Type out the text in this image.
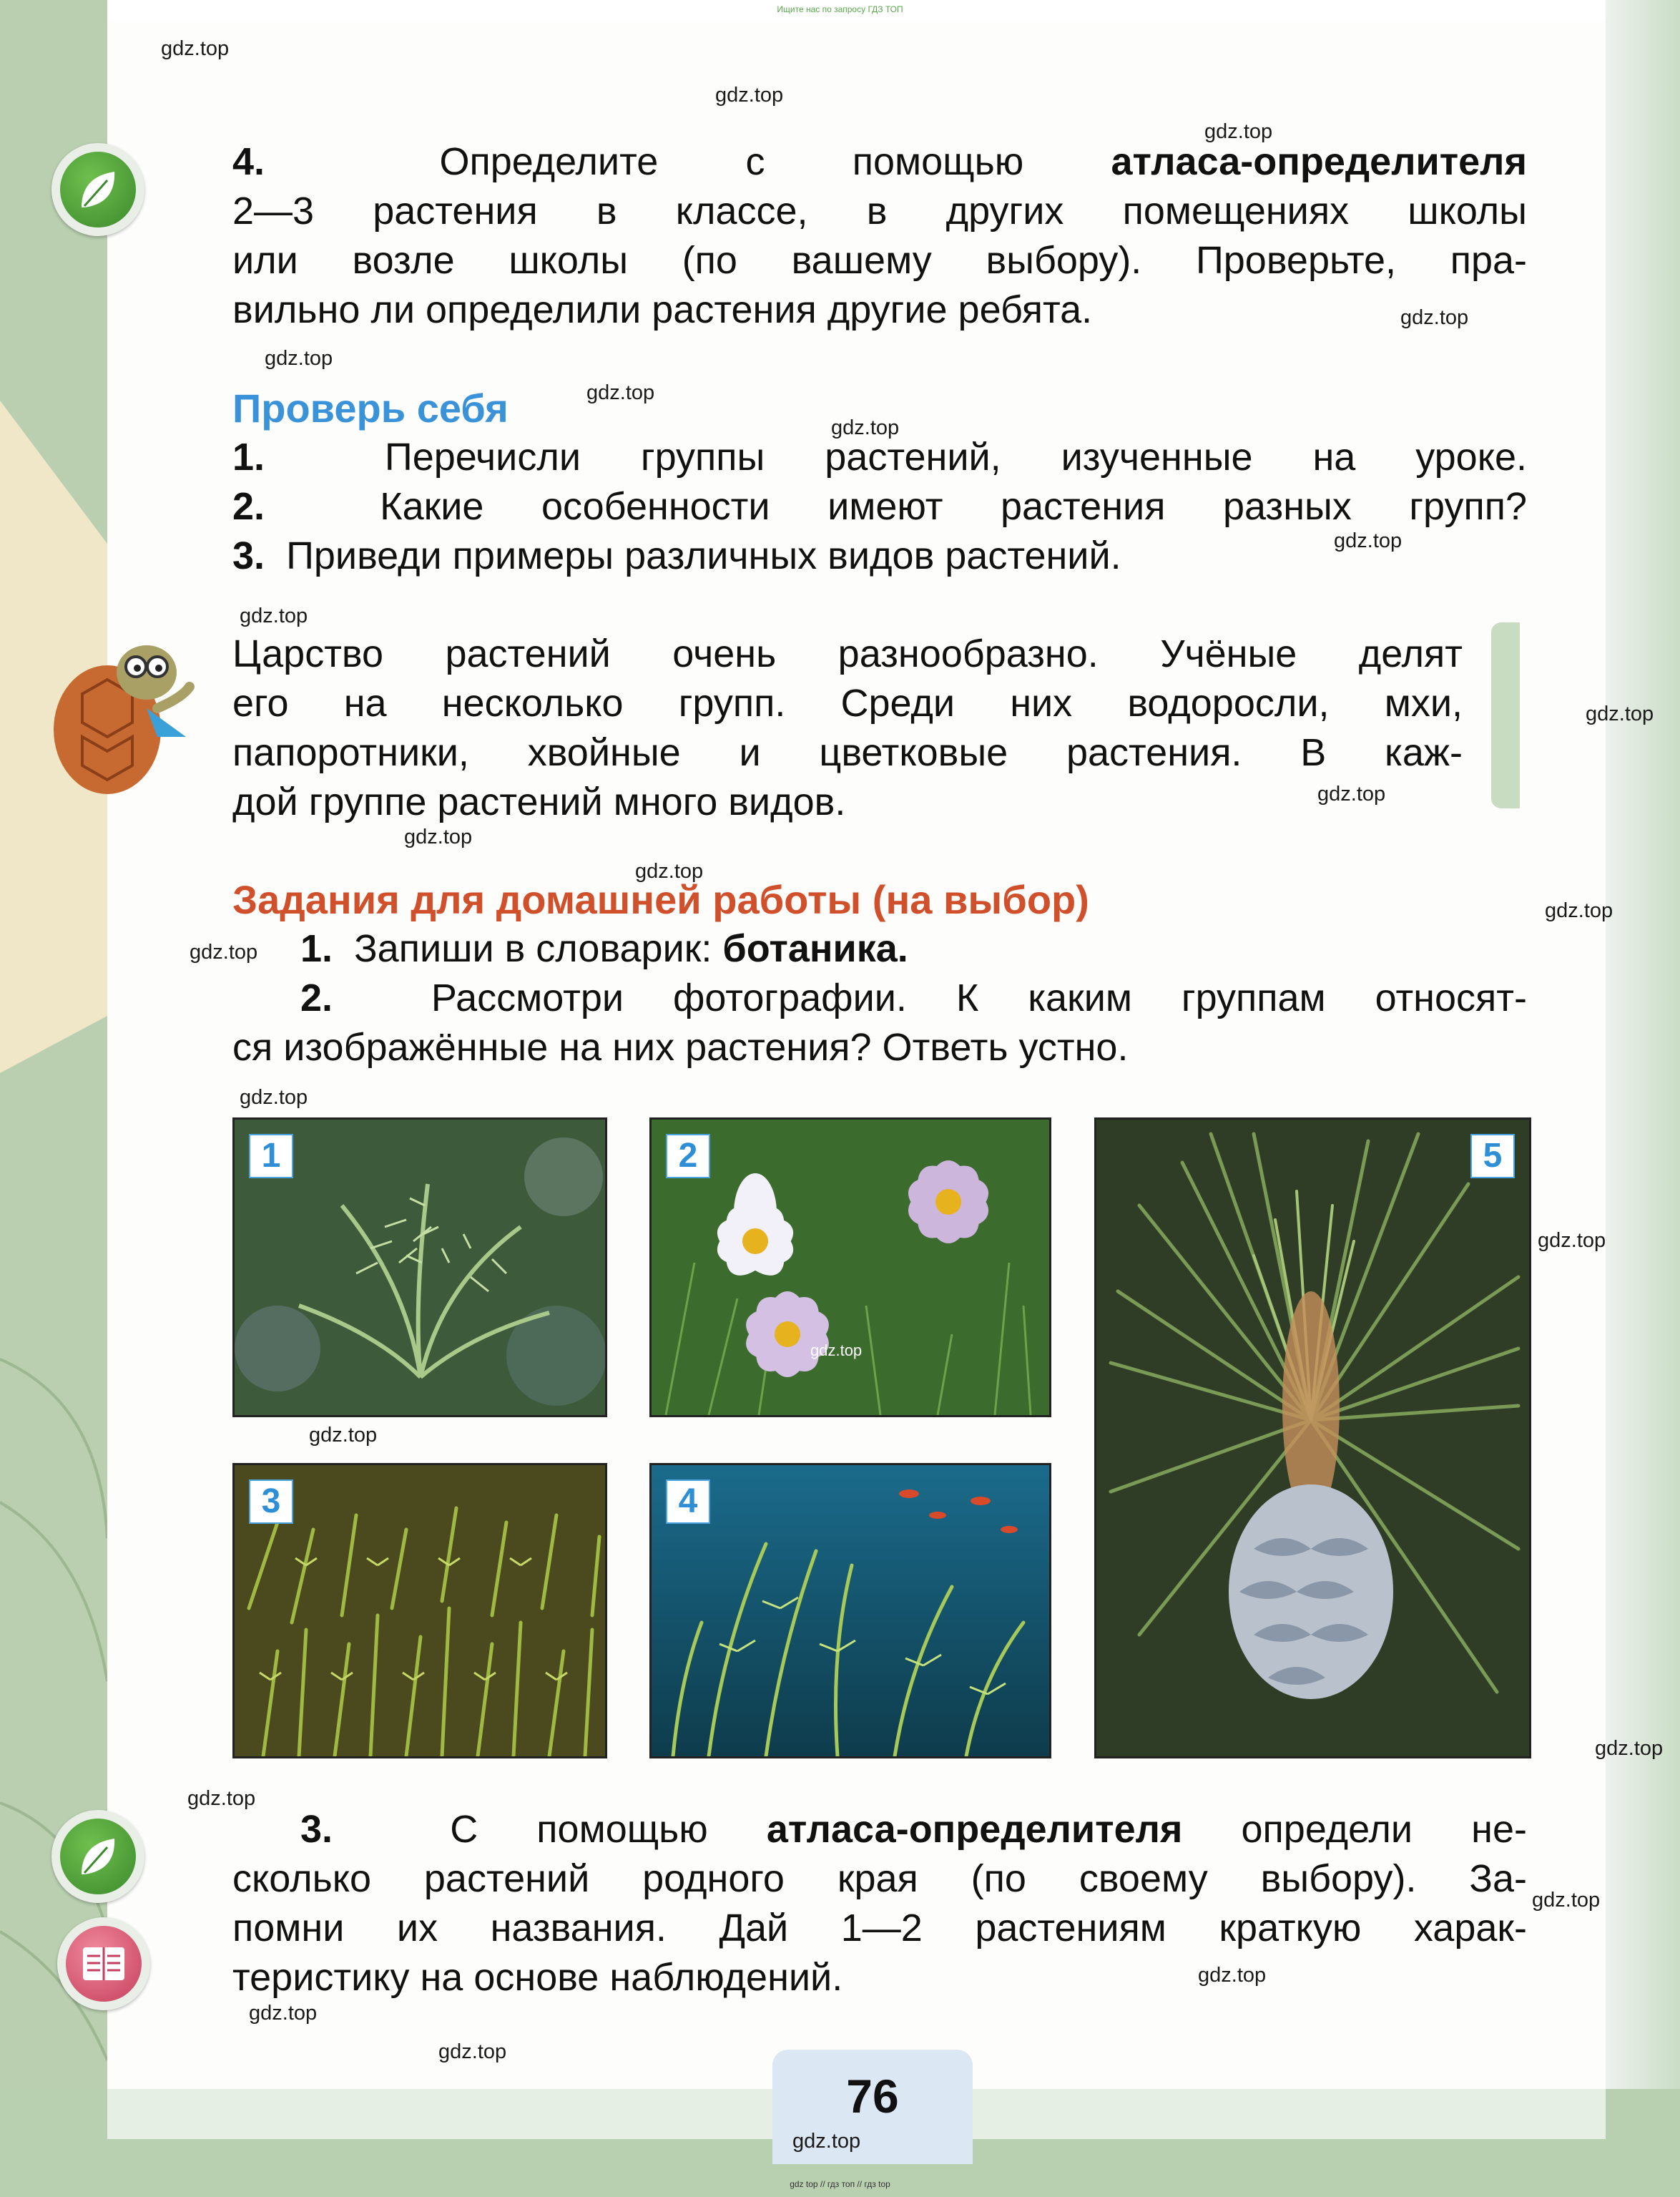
Ищите нас по запросу ГДЗ ТОП
4.	Определите с помощью атласа-определителя
2—3 растения в классе, в других помещениях школы
или возле школы (по вашему выбору). Проверьте, пра-
вильно ли определили растения другие ребята.
Проверь себя
1.	Перечисли группы растений, изученные на уроке.
2.	Какие особенности имеют растения разных групп?
3. Приведи примеры различных видов растений.
Царство растений очень разнообразно. Учёные делят
его на несколько групп. Среди них водоросли, мхи,
папоротники, хвойные и цветковые растения. В каж-
дой группе растений много видов.
Задания для домашней работы (на выбор)
1. Запиши в словарик: ботаника.
2.	Рассмотри фотографии. К каким группам относят-
ся изображённые на них растения? Ответь устно.
1	2	5
3	4
3.	С помощью атласа-определителя определи не-
сколько растений родного края (по своему выбору). За-
помни их названия. Дай 1—2 растениям краткую харак-
теристику на основе наблюдений.
76
gdz.top
gdz.top
gdz.top
gdz.top
gdz.top
gdz.top
gdz.top
gdz.top
gdz.top
gdz.top
gdz.top
gdz.top
gdz.top
gdz.top
gdz.top
gdz.top
gdz.top
gdz.top
gdz.top
gdz.top
gdz.top
gdz.top
gdz.top
gdz.top
gdz.top
gdz.top
gdz top // гдз топ // гдз top
